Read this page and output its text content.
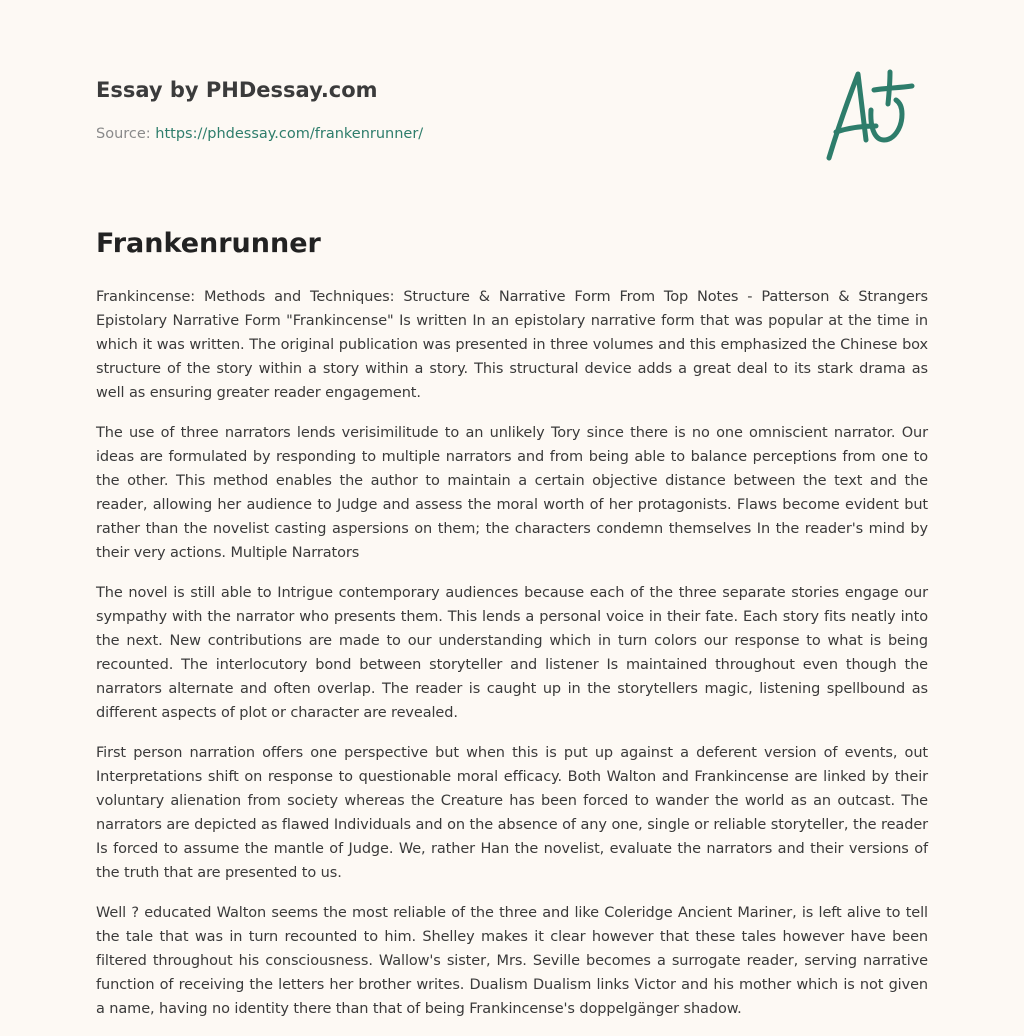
Essay by PHDessay.com
Source: https://phdessay.com/frankenrunner/
Frankenrunner

Frankincense: Methods and Techniques: Structure & Narrative Form From Top Notes - Patterson & Strangers Epistolary Narrative Form "Frankincense" Is written In an epistolary narrative form that was popular at the time in which it was written. The original publication was presented in three volumes and this emphasized the Chinese box structure of the story within a story within a story. This structural device adds a great deal to its stark drama as well as ensuring greater reader engagement.

The use of three narrators lends verisimilitude to an unlikely Tory since there is no one omniscient narrator. Our ideas are formulated by responding to multiple narrators and from being able to balance perceptions from one to the other. This method enables the author to maintain a certain objective distance between the text and the reader, allowing her audience to Judge and assess the moral worth of her protagonists. Flaws become evident but rather than the novelist casting aspersions on them; the characters condemn themselves In the reader's mind by their very actions. Multiple Narrators

The novel is still able to Intrigue contemporary audiences because each of the three separate stories engage our sympathy with the narrator who presents them. This lends a personal voice in their fate. Each story fits neatly into the next. New contributions are made to our understanding which in turn colors our response to what is being recounted. The interlocutory bond between storyteller and listener Is maintained throughout even though the narrators alternate and often overlap. The reader is caught up in the storytellers magic, listening spellbound as different aspects of plot or character are revealed.

First person narration offers one perspective but when this is put up against a deferent version of events, out Interpretations shift on response to questionable moral efficacy. Both Walton and Frankincense are linked by their voluntary alienation from society whereas the Creature has been forced to wander the world as an outcast. The narrators are depicted as flawed Individuals and on the absence of any one, single or reliable storyteller, the reader Is forced to assume the mantle of Judge. We, rather Han the novelist, evaluate the narrators and their versions of the truth that are presented to us.

Well ? educated Walton seems the most reliable of the three and like Coleridge Ancient Mariner, is left alive to tell the tale that was in turn recounted to him. Shelley makes it clear however that these tales however have been filtered throughout his consciousness. Wallow's sister, Mrs. Seville becomes a surrogate reader, serving narrative function of receiving the letters her brother writes. Dualism Dualism links Victor and his mother which is not given a name, having no identity there than that of being Frankincense's doppelgänger shadow.
